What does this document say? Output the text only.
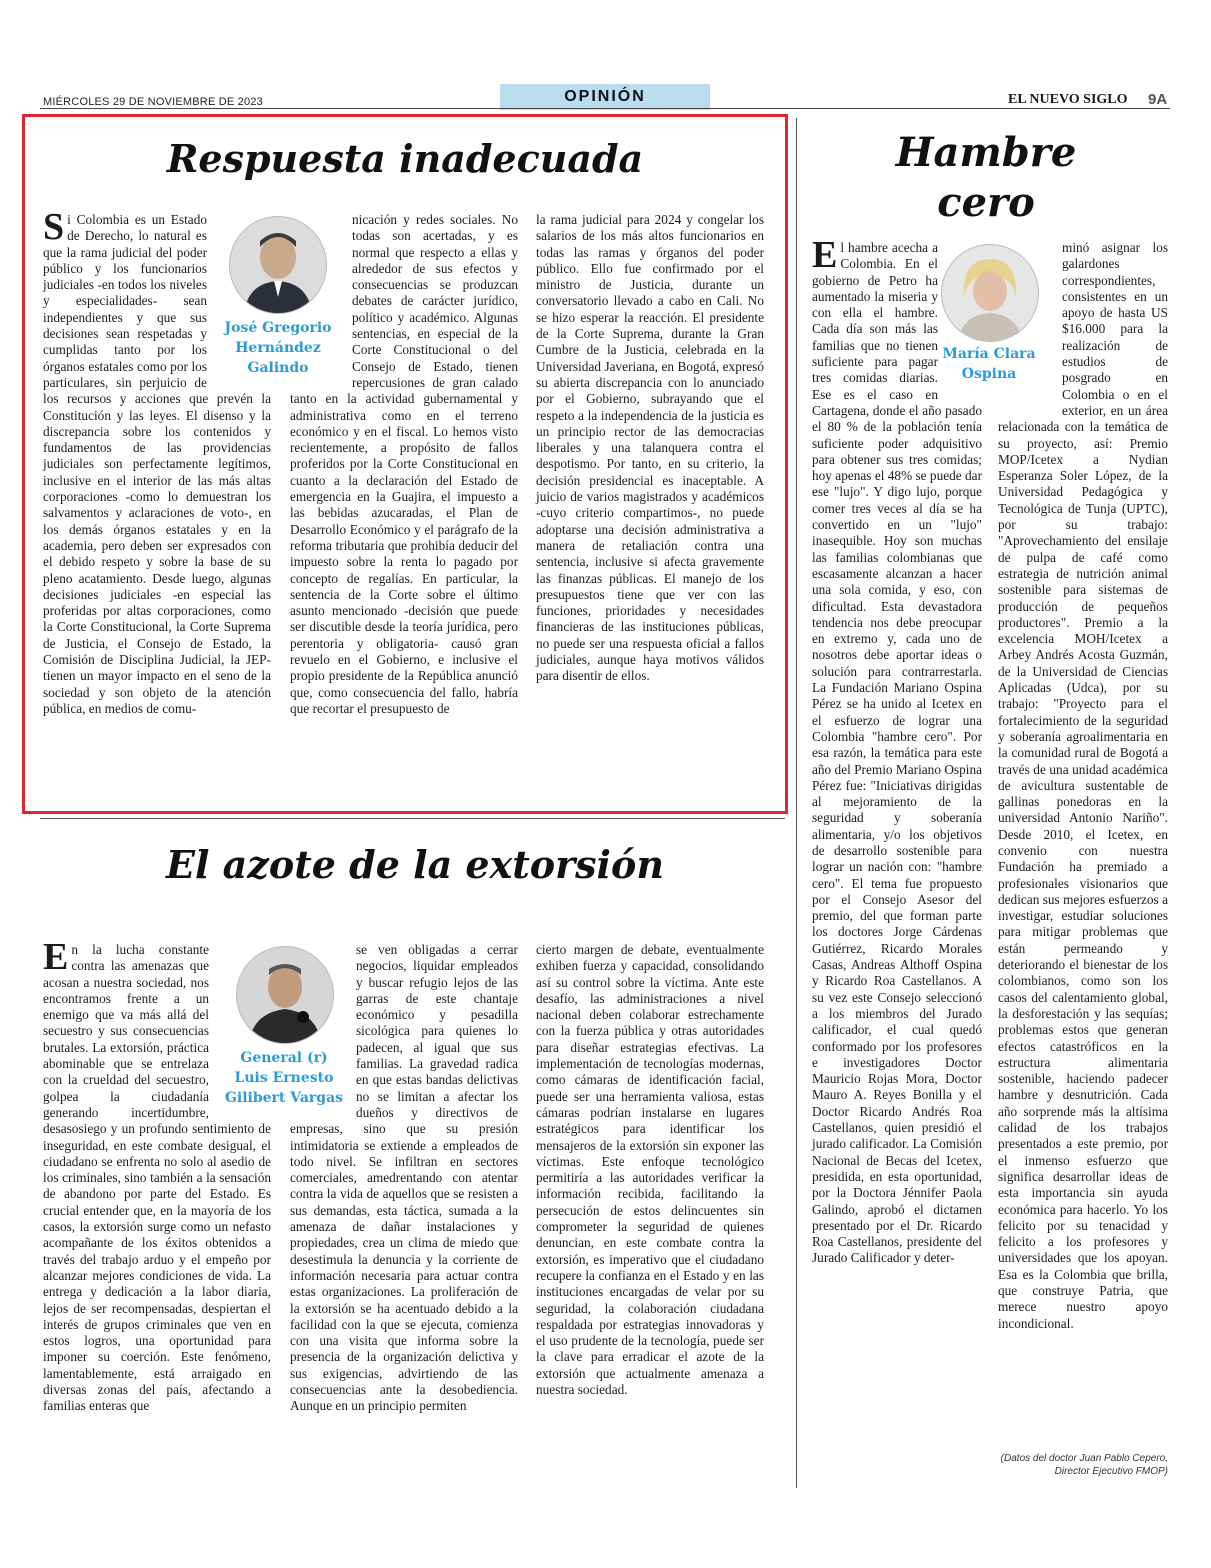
MIÉRCOLES 29 DE NOVIEMBRE DE 2023	OPINIÓN	EL NUEVO SIGLO 9A
Respuesta inadecuada
José Gregorio
Hernández
Galindo

Si Colombia es un Estado de Derecho, lo natural es que la rama judicial del poder público y los funcionarios judiciales -en todos los niveles y especialidades- sean independientes y que sus decisiones sean respetadas y cumplidas tanto por los órganos estatales como por los particulares, sin perjuicio de los recursos y acciones que prevén la Constitución y las leyes. El disenso y la discrepancia sobre los contenidos y fundamentos de las providencias judiciales son perfectamente legítimos, inclusive en el interior de las más altas corporaciones -como lo demuestran los salvamentos y aclaraciones de voto-, en los demás órganos estatales y en la academia, pero deben ser expresados con el debido respeto y sobre la base de su pleno acatamiento. Desde luego, algunas decisiones judiciales -en especial las proferidas por altas corporaciones, como la Corte Constitucional, la Corte Suprema de Justicia, el Consejo de Estado, la Comisión de Disciplina Judicial, la JEP- tienen un mayor impacto en el seno de la sociedad y son objeto de la atención pública, en medios de comu-

nicación y redes sociales. No todas son acertadas, y es normal que respecto a ellas y alrededor de sus efectos y consecuencias se produzcan debates de carácter jurídico, político y académico. Algunas sentencias, en especial de la Corte Constitucional o del Consejo de Estado, tienen repercusiones de gran calado tanto en la actividad gubernamental y administrativa como en el terreno económico y en el fiscal. Lo hemos visto recientemente, a propósito de fallos proferidos por la Corte Constitucional en cuanto a la declaración del Estado de emergencia en la Guajira, el impuesto a las bebidas azucaradas, el Plan de Desarrollo Económico y el parágrafo de la reforma tributaria que prohibía deducir del impuesto sobre la renta lo pagado por concepto de regalías. En particular, la sentencia de la Corte sobre el último asunto mencionado -decisión que puede ser discutible desde la teoría jurídica, pero perentoria y obligatoria- causó gran revuelo en el Gobierno, e inclusive el propio presidente de la República anunció que, como consecuencia del fallo, habría que recortar el presupuesto de

la rama judicial para 2024 y congelar los salarios de los más altos funcionarios en todas las ramas y órganos del poder público. Ello fue confirmado por el ministro de Justicia, durante un conversatorio llevado a cabo en Cali. No se hizo esperar la reacción. El presidente de la Corte Suprema, durante la Gran Cumbre de la Justicia, celebrada en la Universidad Javeriana, en Bogotá, expresó su abierta discrepancia con lo anunciado por el Gobierno, subrayando que el respeto a la independencia de la justicia es un principio rector de las democracias liberales y una talanquera contra el despotismo. Por tanto, en su criterio, la decisión presidencial es inaceptable. A juicio de varios magistrados y académicos -cuyo criterio compartimos-, no puede adoptarse una decisión administrativa a manera de retaliación contra una sentencia, inclusive si afecta gravemente las finanzas públicas. El manejo de los presupuestos tiene que ver con las funciones, prioridades y necesidades financieras de las instituciones públicas, no puede ser una respuesta oficial a fallos judiciales, aunque haya motivos válidos para disentir de ellos.

El azote de la extorsión
General (r)
Luis Ernesto
Gilibert Vargas

En la lucha constante contra las amenazas que acosan a nuestra sociedad, nos encontramos frente a un enemigo que va más allá del secuestro y sus consecuencias brutales. La extorsión, práctica abominable que se entrelaza con la crueldad del secuestro, golpea la ciudadanía generando incertidumbre, desasosiego y un profundo sentimiento de inseguridad, en este combate desigual, el ciudadano se enfrenta no solo al asedio de los criminales, sino también a la sensación de abandono por parte del Estado. Es crucial entender que, en la mayoría de los casos, la extorsión surge como un nefasto acompañante de los éxitos obtenidos a través del trabajo arduo y el empeño por alcanzar mejores condiciones de vida. La entrega y dedicación a la labor diaria, lejos de ser recompensadas, despiertan el interés de grupos criminales que ven en estos logros, una oportunidad para imponer su coerción. Este fenómeno, lamentablemente, está arraigado en diversas zonas del país, afectando a familias enteras que

se ven obligadas a cerrar negocios, liquidar empleados y buscar refugio lejos de las garras de este chantaje económico y pesadilla sicológica para quienes lo padecen, al igual que sus familias. La gravedad radica en que estas bandas delictivas no se limitan a afectar los dueños y directivos de empresas, sino que su presión intimidatoria se extiende a empleados de todo nivel. Se infiltran en sectores comerciales, amedrentando con atentar contra la vida de aquellos que se resisten a sus demandas, esta táctica, sumada a la amenaza de dañar instalaciones y propiedades, crea un clima de miedo que desestimula la denuncia y la corriente de información necesaria para actuar contra estas organizaciones. La proliferación de la extorsión se ha acentuado debido a la facilidad con la que se ejecuta, comienza con una visita que informa sobre la presencia de la organización delictiva y sus exigencias, advirtiendo de las consecuencias ante la desobediencia. Aunque en un principio permiten

cierto margen de debate, eventualmente exhiben fuerza y capacidad, consolidando así su control sobre la víctima. Ante este desafío, las administraciones a nivel nacional deben colaborar estrechamente con la fuerza pública y otras autoridades para diseñar estrategias efectivas. La implementación de tecnologías modernas, como cámaras de identificación facial, puede ser una herramienta valiosa, estas cámaras podrían instalarse en lugares estratégicos para identificar los mensajeros de la extorsión sin exponer las víctimas. Este enfoque tecnológico permitiría a las autoridades verificar la información recibida, facilitando la persecución de estos delincuentes sin comprometer la seguridad de quienes denuncian, en este combate contra la extorsión, es imperativo que el ciudadano recupere la confianza en el Estado y en las instituciones encargadas de velar por su seguridad, la colaboración ciudadana respaldada por estrategias innovadoras y el uso prudente de la tecnología, puede ser la clave para erradicar el azote de la extorsión que actualmente amenaza a nuestra sociedad.

Hambre
cero
María Clara
Ospina

El hambre acecha a Colombia. En el gobierno de Petro ha aumentado la miseria y con ella el hambre. Cada día son más las familias que no tienen suficiente para pagar tres comidas diarias. Ese es el caso en Cartagena, donde el año pasado el 80 % de la población tenía suficiente poder adquisitivo para obtener sus tres comidas; hoy apenas el 48% se puede dar ese "lujo". Y digo lujo, porque comer tres veces al día se ha convertido en un "lujo" inasequible. Hoy son muchas las familias colombianas que escasamente alcanzan a hacer una sola comida, y eso, con dificultad. Esta devastadora tendencia nos debe preocupar en extremo y, cada uno de nosotros debe aportar ideas o solución para contrarrestarla. La Fundación Mariano Ospina Pérez se ha unido al Icetex en el esfuerzo de lograr una Colombia "hambre cero". Por esa razón, la temática para este año del Premio Mariano Ospina Pérez fue: "Iniciativas dirigidas al mejoramiento de la seguridad y soberanía alimentaria, y/o los objetivos de desarrollo sostenible para lograr un nación con: "hambre cero". El tema fue propuesto por el Consejo Asesor del premio, del que forman parte los doctores Jorge Cárdenas Gutiérrez, Ricardo Morales Casas, Andreas Althoff Ospina y Ricardo Roa Castellanos. A su vez este Consejo seleccionó a los miembros del Jurado calificador, el cual quedó conformado por los profesores e investigadores Doctor Mauricio Rojas Mora, Doctor Mauro A. Reyes Bonilla y el Doctor Ricardo Andrés Roa Castellanos, quien presidió el jurado calificador. La Comisión Nacional de Becas del Icetex, presidida, en esta oportunidad, por la Doctora Jénnifer Paola Galindo, aprobó el dictamen presentado por el Dr. Ricardo Roa Castellanos, presidente del Jurado Calificador y deter-

minó asignar los galardones correspondientes, consistentes en un apoyo de hasta US $16.000 para la realización de estudios de posgrado en Colombia o en el exterior, en un área relacionada con la temática de su proyecto, así: Premio MOP/Icetex a Nydian Esperanza Soler López, de la Universidad Pedagógica y Tecnológica de Tunja (UPTC), por su trabajo: "Aprovechamiento del ensilaje de pulpa de café como estrategia de nutrición animal sostenible para sistemas de producción de pequeños productores". Premio a la excelencia MOH/Icetex a Arbey Andrés Acosta Guzmán, de la Universidad de Ciencias Aplicadas (Udca), por su trabajo: "Proyecto para el fortalecimiento de la seguridad y soberanía agroalimentaria en la comunidad rural de Bogotá a través de una unidad académica de avicultura sustentable de gallinas ponedoras en la universidad Antonio Nariño". Desde 2010, el Icetex, en convenio con nuestra Fundación ha premiado a profesionales visionarios que dedican sus mejores esfuerzos a investigar, estudiar soluciones para mitigar problemas que están permeando y deteriorando el bienestar de los colombianos, como son los casos del calentamiento global, la desforestación y las sequías; problemas estos que generan efectos catastróficos en la estructura alimentaria sostenible, haciendo padecer hambre y desnutrición. Cada año sorprende más la altísima calidad de los trabajos presentados a este premio, por el inmenso esfuerzo que significa desarrollar ideas de esta importancia sin ayuda económica para hacerlo. Yo los felicito por su tenacidad y felicito a los profesores y universidades que los apoyan. Esa es la Colombia que brilla, que construye Patria, que merece nuestro apoyo incondicional.

(Datos del doctor Juan Pablo Cepero, Director Ejecutivo FMOP)
